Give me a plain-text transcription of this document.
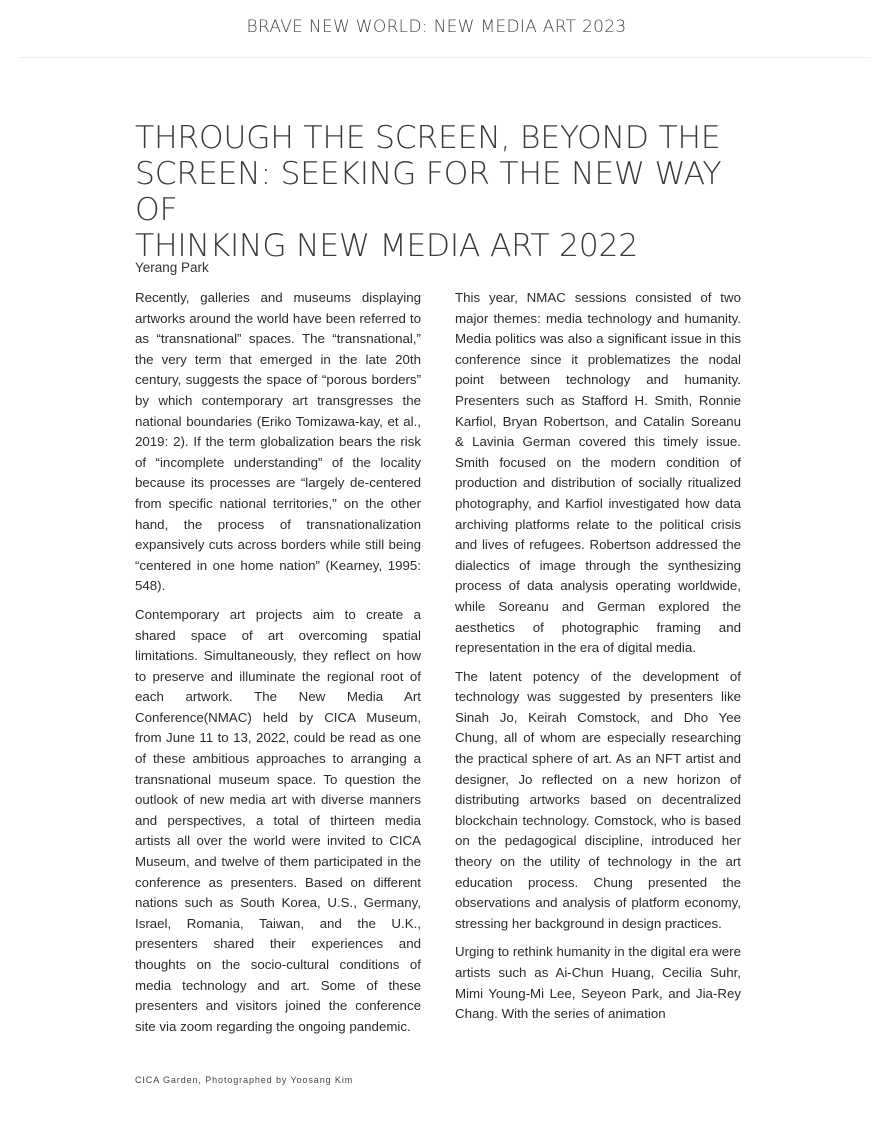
BRAVE NEW WORLD: NEW MEDIA ART 2023
THROUGH THE SCREEN, BEYOND THE
SCREEN: SEEKING FOR THE NEW WAY OF
THINKING NEW MEDIA ART 2022
Yerang Park

Recently, galleries and museums displaying artworks around the world have been referred to as “transnational” spaces. The “transnational,” the very term that emerged in the late 20th century, suggests the space of “porous borders” by which contemporary art transgresses the national boundaries (Eriko Tomizawa-kay, et al., 2019: 2). If the term globalization bears the risk of “incomplete understanding” of the locality because its processes are “largely de-centered from specific national territories," on the other hand, the process of transnationalization expansively cuts across borders while still being “centered in one home nation” (Kearney, 1995: 548).

Contemporary art projects aim to create a shared space of art overcoming spatial limitations. Simultaneously, they reflect on how to preserve and illuminate the regional root of each artwork. The New Media Art Conference(NMAC) held by CICA Museum, from June 11 to 13, 2022, could be read as one of these ambitious approaches to arranging a transnational museum space. To question the outlook of new media art with diverse manners and perspectives, a total of thirteen media artists all over the world were invited to CICA Museum, and twelve of them participated in the conference as presenters. Based on different nations such as South Korea, U.S., Germany, Israel, Romania, Taiwan, and the U.K., presenters shared their experiences and thoughts on the socio-cultural conditions of media technology and art. Some of these presenters and visitors joined the conference site via zoom regarding the ongoing pandemic.

This year, NMAC sessions consisted of two major themes: media technology and humanity. Media politics was also a significant issue in this conference since it problematizes the nodal point between technology and humanity. Presenters such as Stafford H. Smith, Ronnie Karfiol, Bryan Robertson, and Catalin Soreanu & Lavinia German covered this timely issue. Smith focused on the modern condition of production and distribution of socially ritualized photography, and Karfiol investigated how data archiving platforms relate to the political crisis and lives of refugees. Robertson addressed the dialectics of image through the synthesizing process of data analysis operating worldwide, while Soreanu and German explored the aesthetics of photographic framing and representation in the era of digital media.

The latent potency of the development of technology was suggested by presenters like Sinah Jo, Keirah Comstock, and Dho Yee Chung, all of whom are especially researching the practical sphere of art. As an NFT artist and designer, Jo reflected on a new horizon of distributing artworks based on decentralized blockchain technology. Comstock, who is based on the pedagogical discipline, introduced her theory on the utility of technology in the art education process. Chung presented the observations and analysis of platform economy, stressing her background in design practices.

Urging to rethink humanity in the digital era were artists such as Ai-Chun Huang, Cecilia Suhr, Mimi Young-Mi Lee, Seyeon Park, and Jia-Rey Chang. With the series of animation

CICA Garden, Photographed by Yoosang Kim
